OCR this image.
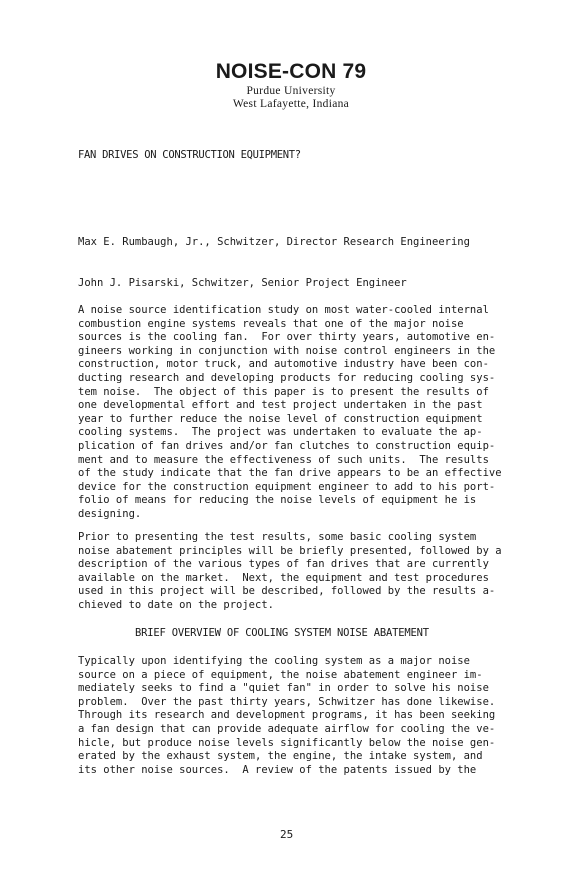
NOISE-CON 79
Purdue University
West Lafayette, Indiana
FAN DRIVES ON CONSTRUCTION EQUIPMENT?

Max E. Rumbaugh, Jr., Schwitzer, Director Research Engineering

John J. Pisarski, Schwitzer, Senior Project Engineer

A noise source identification study on most water-cooled internal
combustion engine systems reveals that one of the major noise
sources is the cooling fan.  For over thirty years, automotive en-
gineers working in conjunction with noise control engineers in the
construction, motor truck, and automotive industry have been con-
ducting research and developing products for reducing cooling sys-
tem noise.  The object of this paper is to present the results of
one developmental effort and test project undertaken in the past
year to further reduce the noise level of construction equipment
cooling systems.  The project was undertaken to evaluate the ap-
plication of fan drives and/or fan clutches to construction equip-
ment and to measure the effectiveness of such units.  The results
of the study indicate that the fan drive appears to be an effective
device for the construction equipment engineer to add to his port-
folio of means for reducing the noise levels of equipment he is
designing.
Prior to presenting the test results, some basic cooling system
noise abatement principles will be briefly presented, followed by a
description of the various types of fan drives that are currently
available on the market.  Next, the equipment and test procedures
used in this project will be described, followed by the results a-
chieved to date on the project.
BRIEF OVERVIEW OF COOLING SYSTEM NOISE ABATEMENT
Typically upon identifying the cooling system as a major noise
source on a piece of equipment, the noise abatement engineer im-
mediately seeks to find a "quiet fan" in order to solve his noise
problem.  Over the past thirty years, Schwitzer has done likewise.
Through its research and development programs, it has been seeking
a fan design that can provide adequate airflow for cooling the ve-
hicle, but produce noise levels significantly below the noise gen-
erated by the exhaust system, the engine, the intake system, and
its other noise sources.  A review of the patents issued by the
25
